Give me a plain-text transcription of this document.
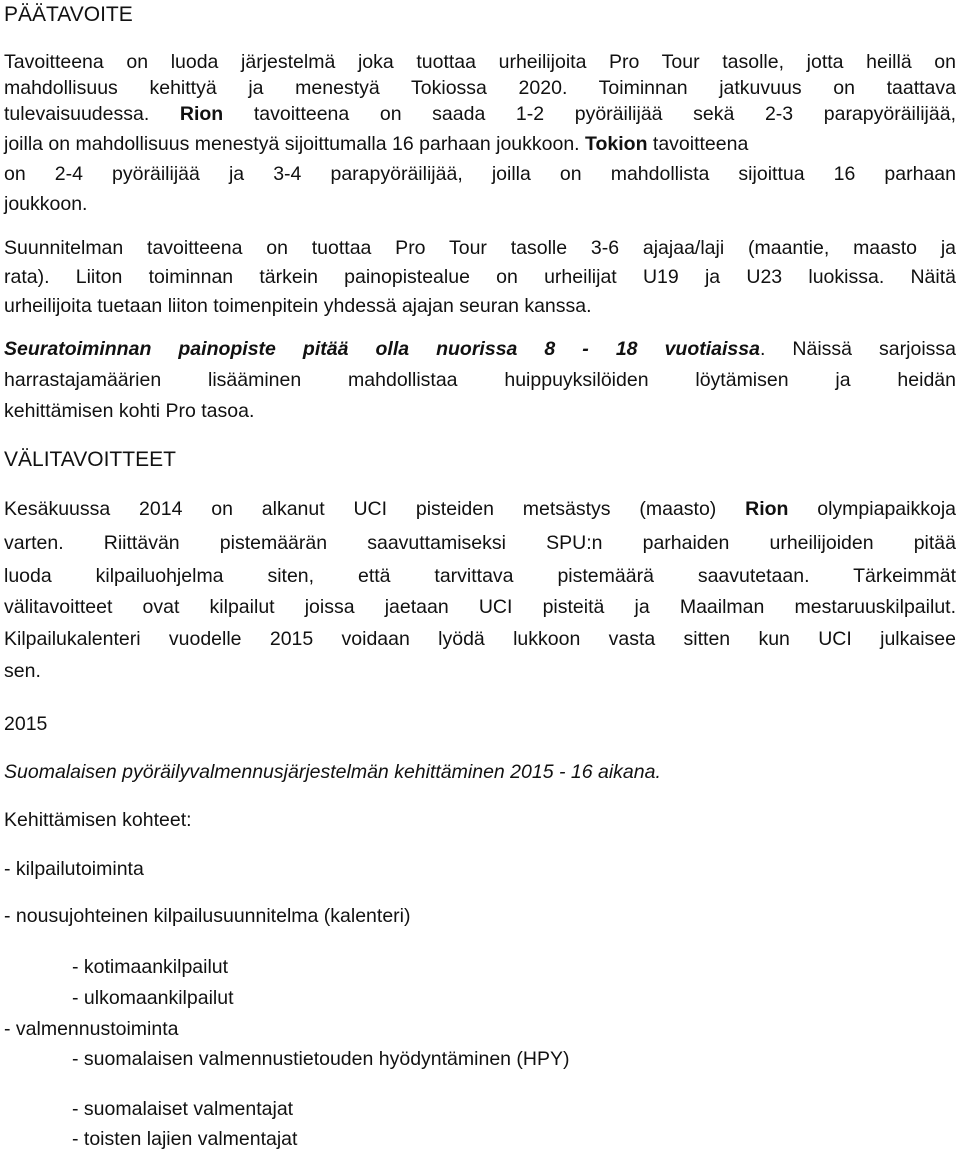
PÄÄTAVOITE
Tavoitteena on luoda järjestelmä joka tuottaa urheilijoita Pro Tour tasolle, jotta heillä on
mahdollisuus kehittyä ja menestyä Tokiossa 2020. Toiminnan jatkuvuus on taattava
tulevaisuudessa. Rion tavoitteena on saada 1-2 pyöräilijää sekä 2-3 parapyöräilijää,
joilla on mahdollisuus menestyä sijoittumalla 16 parhaan joukkoon. Tokion tavoitteena
on 2-4 pyöräilijää ja 3-4 parapyöräilijää, joilla on mahdollista sijoittua 16 parhaan
joukkoon.
Suunnitelman tavoitteena on tuottaa Pro Tour tasolle 3-6 ajajaa/laji (maantie, maasto ja
rata). Liiton toiminnan tärkein painopistealue on urheilijat U19 ja U23 luokissa. Näitä
urheilijoita tuetaan liiton toimenpitein yhdessä ajajan seuran kanssa.
Seuratoiminnan painopiste pitää olla nuorissa 8 - 18 vuotiaissa. Näissä sarjoissa
harrastajamäärien lisääminen mahdollistaa huippuyksilöiden löytämisen ja heidän
kehittämisen kohti Pro tasoa.
VÄLITAVOITTEET
Kesäkuussa 2014 on alkanut UCI pisteiden metsästys (maasto) Rion olympiapaikkoja
varten. Riittävän pistemäärän saavuttamiseksi SPU:n parhaiden urheilijoiden pitää
luoda kilpailuohjelma siten, että tarvittava pistemäärä saavutetaan. Tärkeimmät
välitavoitteet ovat kilpailut joissa jaetaan UCI pisteitä ja Maailman mestaruuskilpailut.
Kilpailukalenteri vuodelle 2015 voidaan lyödä lukkoon vasta sitten kun UCI julkaisee
sen.
2015
Suomalaisen pyöräilyvalmennusjärjestelmän kehittäminen 2015 - 16 aikana.
Kehittämisen kohteet:
- kilpailutoiminta
- nousujohteinen kilpailusuunnitelma (kalenteri)
- kotimaankilpailut
- ulkomaankilpailut
- valmennustoiminta
- suomalaisen valmennustietouden hyödyntäminen (HPY)
- suomalaiset valmentajat
- toisten lajien valmentajat
